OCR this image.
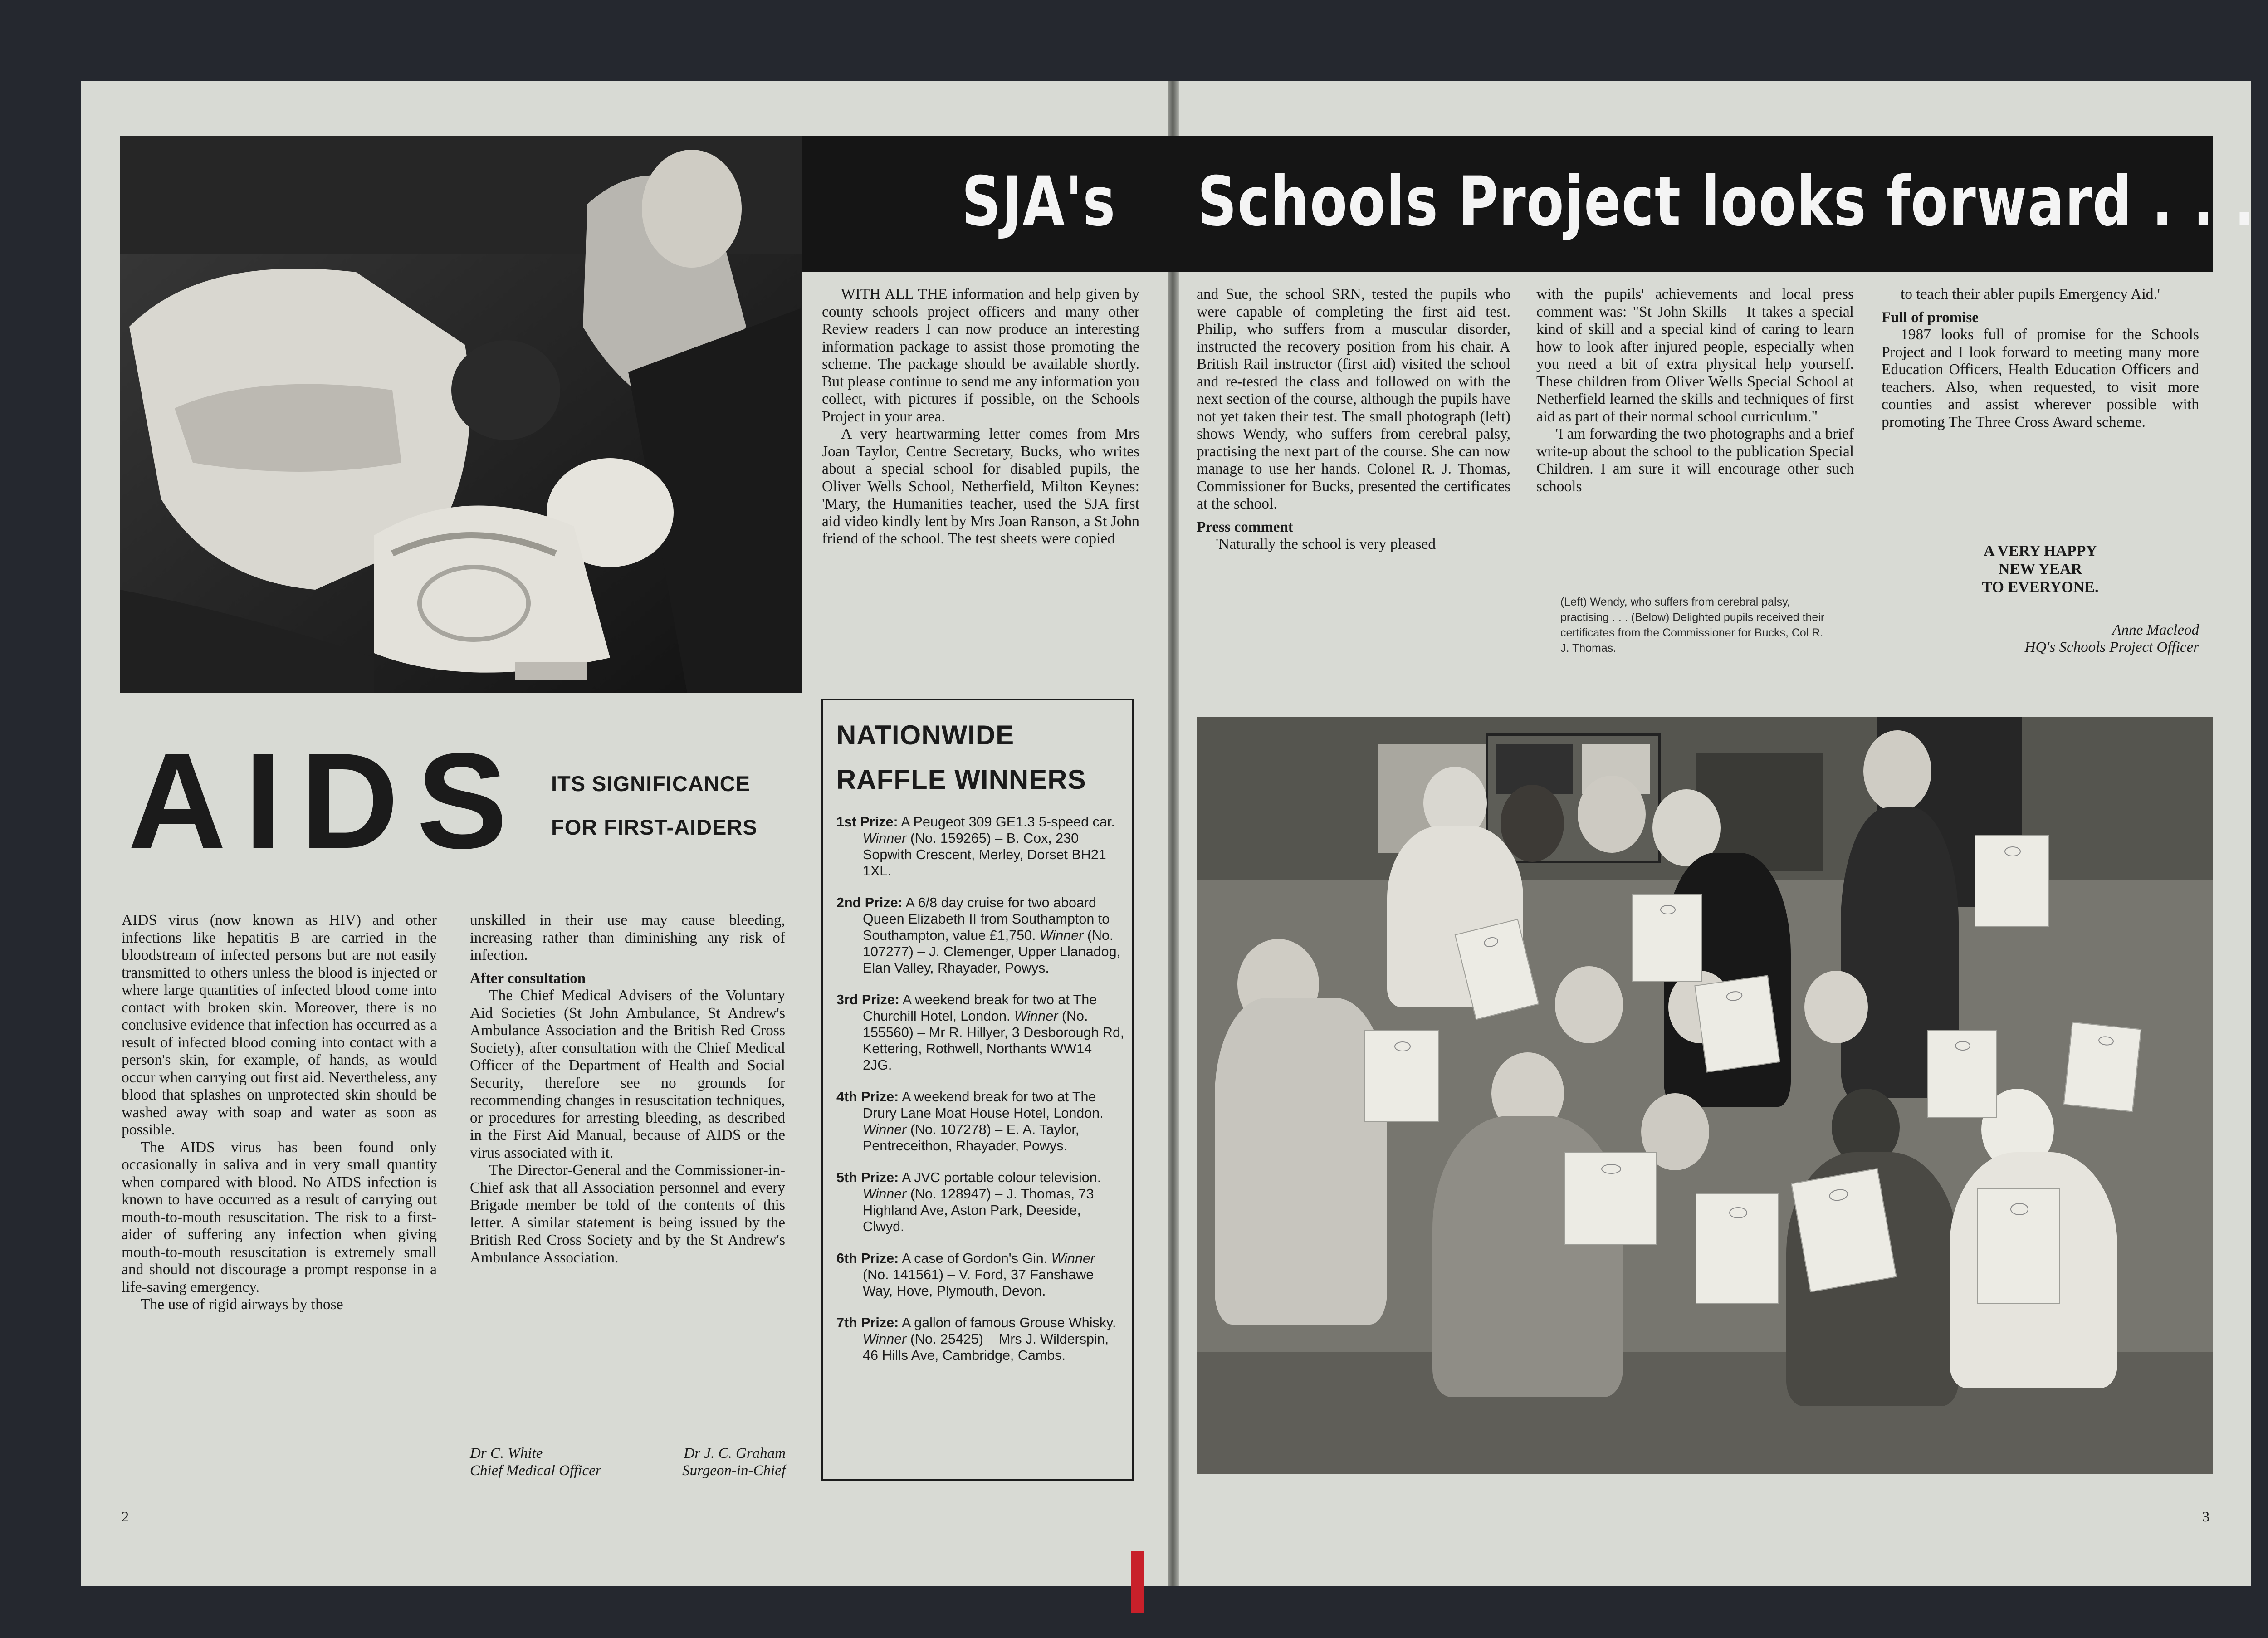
SJA's Schools Project looks forward . . .

WITH ALL THE information and help given by county schools project officers and many other Review readers I can now produce an interesting information package to assist those promoting the scheme. The package should be available shortly. But please continue to send me any information you collect, with pictures if possible, on the Schools Project in your area.

A very heartwarming letter comes from Mrs Joan Taylor, Centre Secretary, Bucks, who writes about a special school for disabled pupils, the Oliver Wells School, Netherfield, Milton Keynes: 'Mary, the Humanities teacher, used the SJA first aid video kindly lent by Mrs Joan Ranson, a St John friend of the school. The test sheets were copied

and Sue, the school SRN, tested the pupils who were capable of completing the first aid test. Philip, who suffers from a muscular disorder, instructed the recovery position from his chair. A British Rail instructor (first aid) visited the school and re-tested the class and followed on with the next section of the course, although the pupils have not yet taken their test. The small photograph (left) shows Wendy, who suffers from cerebral palsy, practising the next part of the course. She can now manage to use her hands. Colonel R. J. Thomas, Commissioner for Bucks, presented the certificates at the school.

Press comment

'Naturally the school is very pleased

with the pupils' achievements and local press comment was: "St John Skills – It takes a special kind of skill and a special kind of caring to learn how to look after injured people, especially when you need a bit of extra physical help yourself. These children from Oliver Wells Special School at Netherfield learned the skills and techniques of first aid as part of their normal school curriculum."

'I am forwarding the two photographs and a brief write-up about the school to the publication Special Children. I am sure it will encourage other such schools

(Left) Wendy, who suffers from cerebral palsy, practising . . . (Below) Delighted pupils received their certificates from the Commissioner for Bucks, Col R. J. Thomas.

to teach their abler pupils Emergency Aid.'

Full of promise

1987 looks full of promise for the Schools Project and I look forward to meeting many more Education Officers, Health Education Officers and teachers. Also, when requested, to visit more counties and assist wherever possible with promoting The Three Cross Award scheme.

A VERY HAPPY
NEW YEAR
TO EVERYONE.
Anne Macleod
HQ's Schools Project Officer
AIDS ITS SIGNIFICANCE
FOR FIRST-AIDERS

AIDS virus (now known as HIV) and other infections like hepatitis B are carried in the bloodstream of infected persons but are not easily transmitted to others unless the blood is injected or where large quantities of infected blood come into contact with broken skin. Moreover, there is no conclusive evidence that infection has occurred as a result of infected blood coming into contact with a person's skin, for example, of hands, as would occur when carrying out first aid. Nevertheless, any blood that splashes on unprotected skin should be washed away with soap and water as soon as possible.

The AIDS virus has been found only occasionally in saliva and in very small quantity when compared with blood. No AIDS infection is known to have occurred as a result of carrying out mouth-to-mouth resuscitation. The risk to a first-aider of suffering any infection when giving mouth-to-mouth resuscitation is extremely small and should not discourage a prompt response in a life-saving emergency.

The use of rigid airways by those

unskilled in their use may cause bleeding, increasing rather than diminishing any risk of infection.

After consultation

The Chief Medical Advisers of the Voluntary Aid Societies (St John Ambulance, St Andrew's Ambulance Association and the British Red Cross Society), after consultation with the Chief Medical Officer of the Department of Health and Social Security, therefore see no grounds for recommending changes in resuscitation techniques, or procedures for arresting bleeding, as described in the First Aid Manual, because of AIDS or the virus associated with it.

The Director-General and the Commissioner-in-Chief ask that all Association personnel and every Brigade member be told of the contents of this letter. A similar statement is being issued by the British Red Cross Society and by the St Andrew's Ambulance Association.

Dr C. White
Chief Medical Officer
Dr J. C. Graham
Surgeon-in-Chief
NATIONWIDE
RAFFLE WINNERS

1st Prize: A Peugeot 309 GE1.3 5-speed car. Winner (No. 159265) – B. Cox, 230 Sopwith Crescent, Merley, Dorset BH21 1XL.

2nd Prize: A 6/8 day cruise for two aboard Queen Elizabeth II from Southampton to Southampton, value £1,750. Winner (No. 107277) – J. Clemenger, Upper Llanadog, Elan Valley, Rhayader, Powys.

3rd Prize: A weekend break for two at The Churchill Hotel, London. Winner (No. 155560) – Mr R. Hillyer, 3 Desborough Rd, Kettering, Rothwell, Northants WW14 2JG.

4th Prize: A weekend break for two at The Drury Lane Moat House Hotel, London. Winner (No. 107278) – E. A. Taylor, Pentreceithon, Rhayader, Powys.

5th Prize: A JVC portable colour television. Winner (No. 128947) – J. Thomas, 73 Highland Ave, Aston Park, Deeside, Clwyd.

6th Prize: A case of Gordon's Gin. Winner (No. 141561) – V. Ford, 37 Fanshawe Way, Hove, Plymouth, Devon.

7th Prize: A gallon of famous Grouse Whisky. Winner (No. 25425) – Mrs J. Wilderspin, 46 Hills Ave, Cambridge, Cambs.

2	3
